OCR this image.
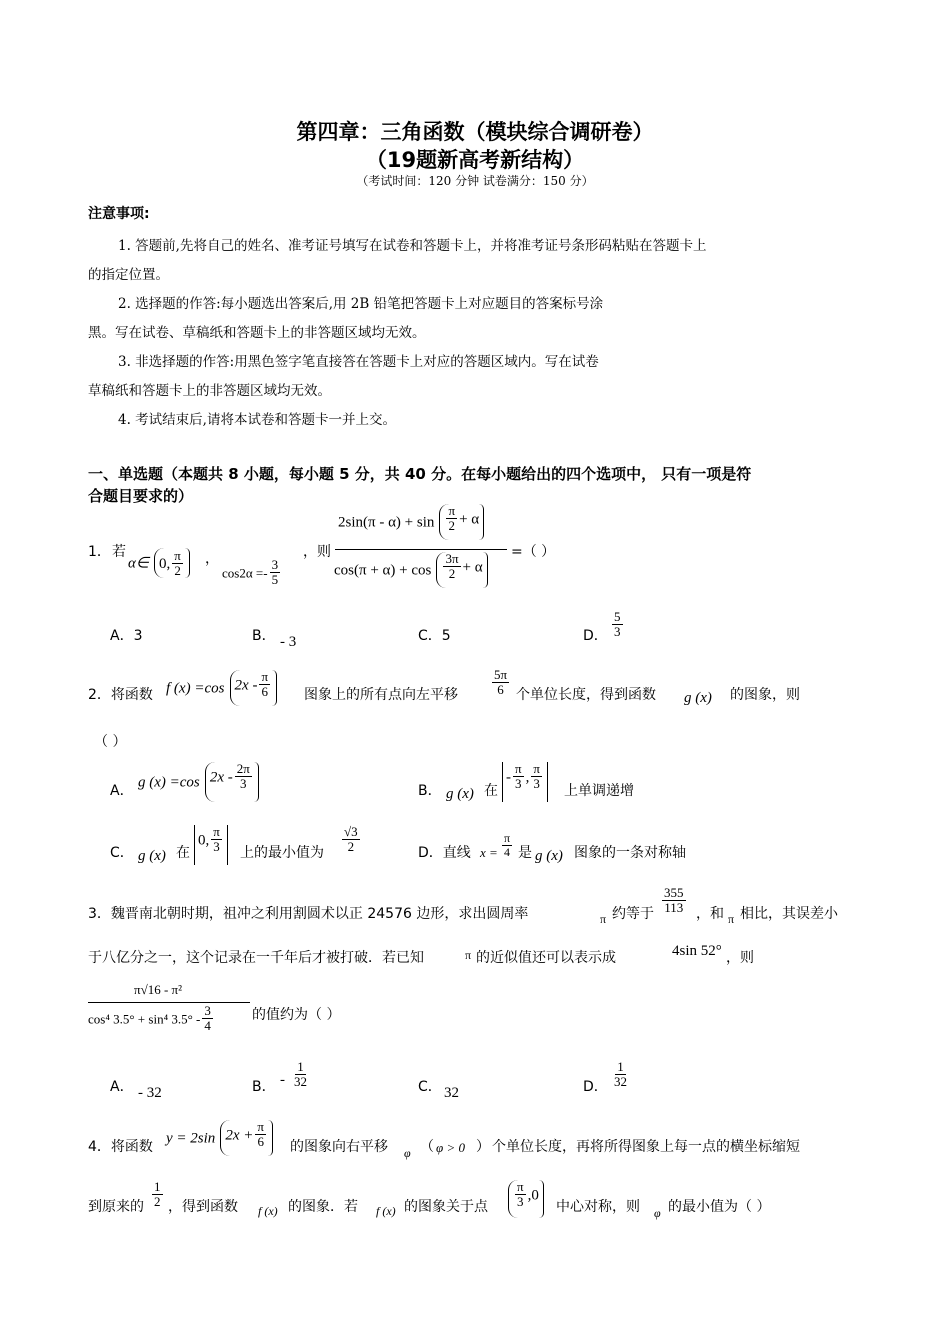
第四章：三角函数（模块综合调研卷）
（19题新高考新结构）
（考试时间：120 分钟 试卷满分：150 分）
注意事项:
1. 答题前,先将自己的姓名、准考证号填写在试卷和答题卡上，并将准考证号条形码粘贴在答题卡上
的指定位置。
2. 选择题的作答:每小题选出答案后,用 2B 铅笔把答题卡上对应题目的答案标号涂
黑。写在试卷、草稿纸和答题卡上的非答题区域均无效。
3. 非选择题的作答:用黑色签字笔直接答在答题卡上对应的答题区域内。写在试卷
草稿纸和答题卡上的非答题区域均无效。
4. 考试结束后,请将本试卷和答题卡一并上交。
一、单选题（本题共 8 小题，每小题 5 分，共 40 分。在每小题给出的四个选项中， 只有一项是符
合题目要求的）
1． 若
α∈ 0, $\frac{\pi}{2}$ ，
$\cos 2\alpha =- \frac{3}{5}$
，则
$2\sin(\pi - \alpha) + \sin \frac{\pi}{2} + \alpha$
$\cos(\pi + \alpha) + \cos \frac{3\pi}{2} + \alpha$
=（ ）
A．3	B． - 3	C．5	D． $\frac{5}{3}$
2．将函数 f (x) =cos $2x - \frac{\pi}{6}$ 图象上的所有点向左平移	$\frac{5\pi}{6}$ 个单位长度，得到函数 g (x) 的图象，则
（ ）
A．
g (x) =cos $2x - \frac{2\pi}{3}$	B． g (x) 在
- $\frac{\pi}{3}$ , $\frac{\pi}{3}$ 上单调递增
C． g (x) 在
0, $\frac{\pi}{3}$ 上的最小值为 $\frac{√3}{2}$	D．直线 $x = \frac{\pi}{4}$ 是 g (x) 图象的一条对称轴
3．魏晋南北朝时期，祖冲之利用割圆术以正 24576 边形，求出圆周率	π 约等于 $\frac{355}{113}$ ，和 π 相比，其误差小
于八亿分之一，这个记录在一千年后才被打破．若已知	π 的近似值还可以表示成	4sin 52° ，则
π√16 - π²
cos⁴ 3.5° + sin⁴ $3.5^\circ - \frac{3}{4}$	的值约为（ ）
A． - 32	B． - $\frac{1}{32}$	C． 32	D． $\frac{1}{32}$
4．将函数
y = 2sin $2x + \frac{\pi}{6}$ 的图象向右平移 φ （ φ > 0 ） 个单位长度，再将所得图象上每一点的横坐标缩短
到原来的 $\frac{1}{2}$ ，得到函数 f (x) 的图象．若 f (x) 的图象关于点 $\frac{\pi}{3} ,0$
中心对称，则 φ 的最小值为（ ）
